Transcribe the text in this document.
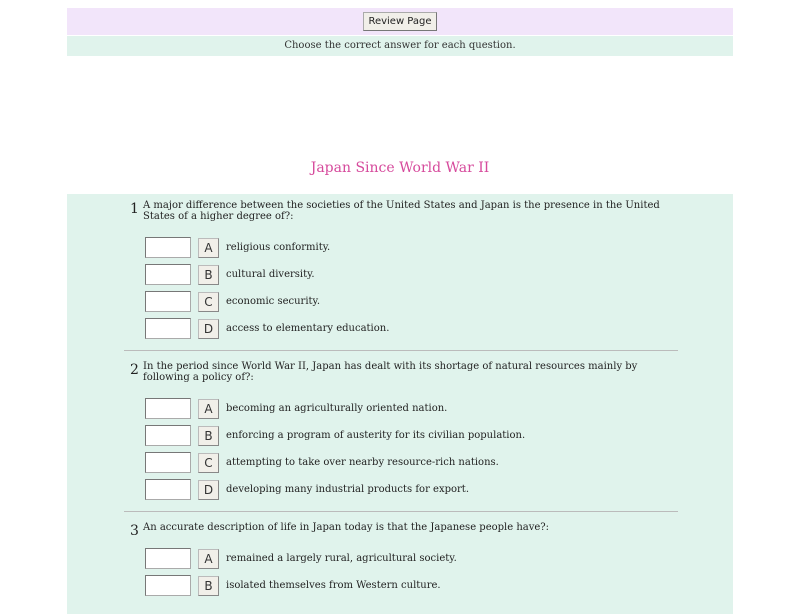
Review Page
Choose the correct answer for each question.
Japan Since World War II
1 A major difference between the societies of the United States and Japan is the presence in the United States of a higher degree of?:
A	religious conformity.
B	cultural diversity.
C	economic security.
D	access to elementary education.
2 In the period since World War II, Japan has dealt with its shortage of natural resources mainly by following a policy of?:
A	becoming an agriculturally oriented nation.
B	enforcing a program of austerity for its civilian population.
C	attempting to take over nearby resource-rich nations.
D	developing many industrial products for export.
3 An accurate description of life in Japan today is that the Japanese people have?:
A	remained a largely rural, agricultural society.
B	isolated themselves from Western culture.
